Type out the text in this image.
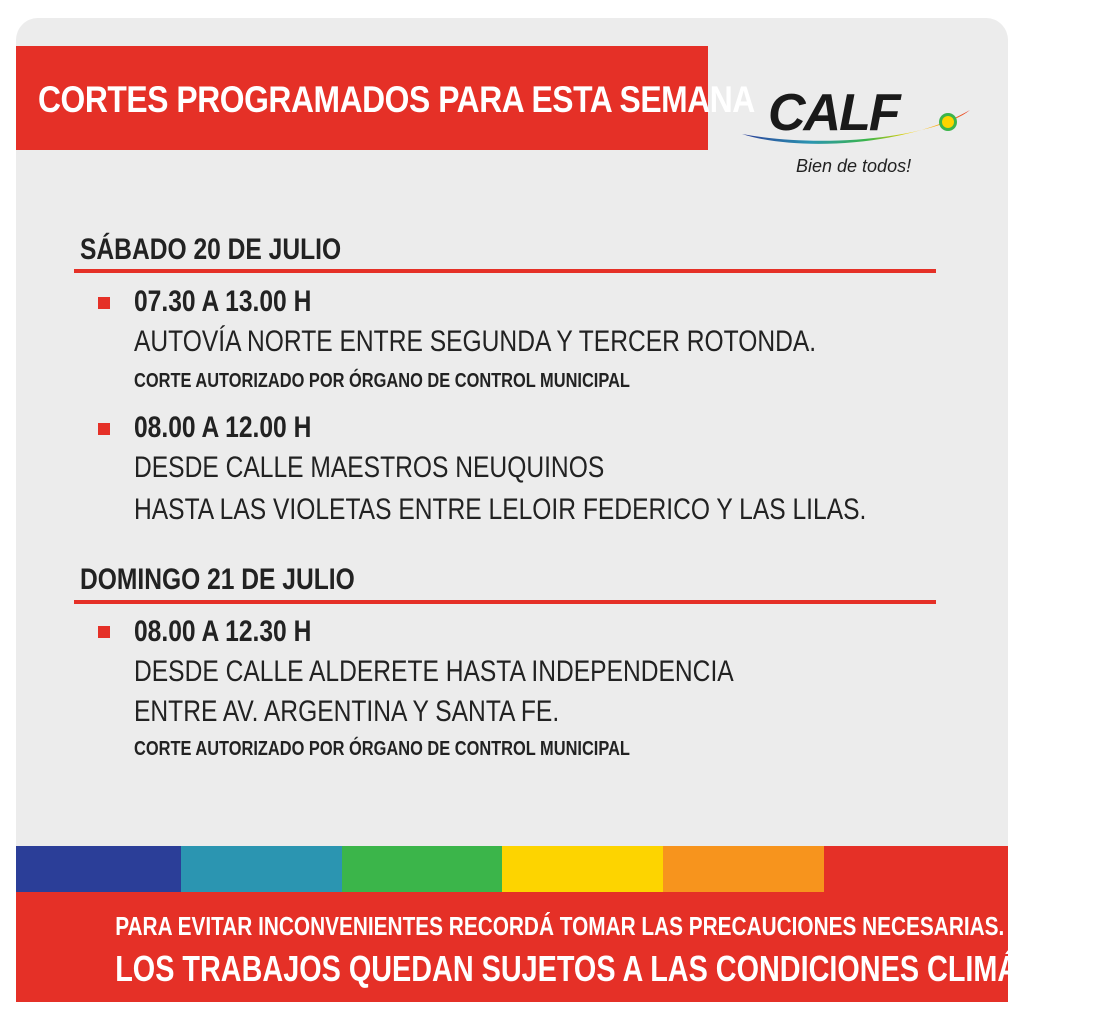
CORTES PROGRAMADOS PARA ESTA SEMANA CALF
Bien de todos!
SÁBADO 20 DE JULIO
07.30 A 13.00 H
AUTOVÍA NORTE ENTRE SEGUNDA Y TERCER ROTONDA.
CORTE AUTORIZADO POR ÓRGANO DE CONTROL MUNICIPAL
08.00 A 12.00 H
DESDE CALLE MAESTROS NEUQUINOS
HASTA LAS VIOLETAS ENTRE LELOIR FEDERICO Y LAS LILAS.
DOMINGO 21 DE JULIO
08.00 A 12.30 H
DESDE CALLE ALDERETE HASTA INDEPENDENCIA
ENTRE AV. ARGENTINA Y SANTA FE.
CORTE AUTORIZADO POR ÓRGANO DE CONTROL MUNICIPAL
PARA EVITAR INCONVENIENTES RECORDÁ TOMAR LAS PRECAUCIONES NECESARIAS.
LOS TRABAJOS QUEDAN SUJETOS A LAS CONDICIONES CLIMÁTICAS.
